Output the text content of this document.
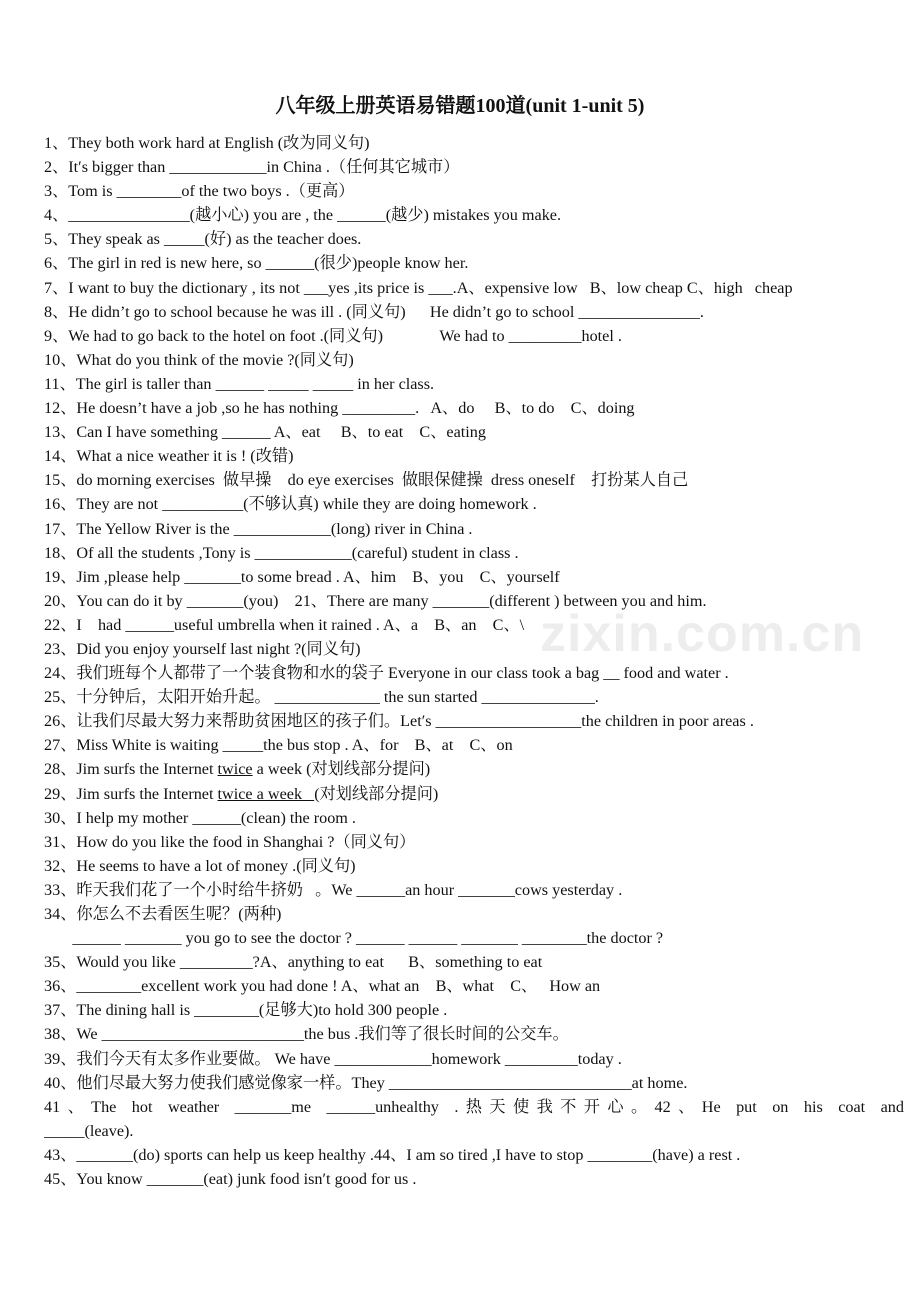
八年级上册英语易错题100道(unit 1-unit 5)
1、They both work hard at English (改为同义句)
2、It′s bigger than ____________in China .（任何其它城市）
3、Tom is ________of the two boys .（更高）
4、_______________(越小心) you are , the ______(越少) mistakes you make.
5、They speak as _____(好) as the teacher does.
6、The girl in red is new here, so ______(很少)people know her.
7、I want to buy the dictionary , its not ___yes ,its price is ___.A、expensive low   B、low cheap C、high   cheap
8、He didn’t go to school because he was ill . (同义句)      He didn’t go to school _______________.
9、We had to go back to the hotel on foot .(同义句)              We had to _________hotel .
10、What do you think of the movie ?(同义句)
11、The girl is taller than ______ _____ _____ in her class.
12、He doesn’t have a job ,so he has nothing _________.   A、do     B、to do    C、doing
13、Can I have something ______ A、eat     B、to eat    C、eating
14、What a nice weather it is ! (改错)
15、do morning exercises  做早操    do eye exercises  做眼保健操  dress oneself    打扮某人自己
16、They are not __________(不够认真) while they are doing homework .
17、The Yellow River is the ____________(long) river in China .
18、Of all the students ,Tony is ____________(careful) student in class .
19、Jim ,please help _______to some bread . A、him    B、you    C、yourself
20、You can do it by _______(you)    21、There are many _______(different ) between you and him.
22、I    had ______useful umbrella when it rained . A、a    B、an    C、\
23、Did you enjoy yourself last night ?(同义句)
24、我们班每个人都带了一个装食物和水的袋子 Everyone in our class took a bag __ food and water .
25、十分钟后，太阳开始升起。 _____________ the sun started ______________.
26、让我们尽最大努力来帮助贫困地区的孩子们。Let′s __________________the children in poor areas .
27、Miss White is waiting _____the bus stop . A、for    B、at    C、on
28、Jim surfs the Internet twice a week (对划线部分提问)
29、Jim surfs the Internet twice a week   (对划线部分提问)
30、I help my mother ______(clean) the room .
31、How do you like the food in Shanghai ?（同义句）
32、He seems to have a lot of money .(同义句)
33、昨天我们花了一个小时给牛挤奶   。We ______an hour _______cows yesterday .
34、你怎么不去看医生呢？(两种)
______ _______ you go to see the doctor ? ______ ______ _______ ________the doctor ?
35、Would you like _________?A、anything to eat      B、something to eat
36、________excellent work you had done ! A、what an    B、what    C、   How an
37、The dining hall is ________(足够大)to hold 300 people .
38、We _________________________the bus .我们等了很长时间的公交车。
39、我们今天有太多作业要做。 We have ____________homework _________today .
40、他们尽最大努力使我们感觉像家一样。They ______________________________at home.
41、The hot weather _______me ______unhealthy .热天使我不开心。42、He put on his coat and
_____(leave).
43、_______(do) sports can help us keep healthy .44、I am so tired ,I have to stop ________(have) a rest .
45、You know _______(eat) junk food isn′t good for us .
zixin.com.cn
